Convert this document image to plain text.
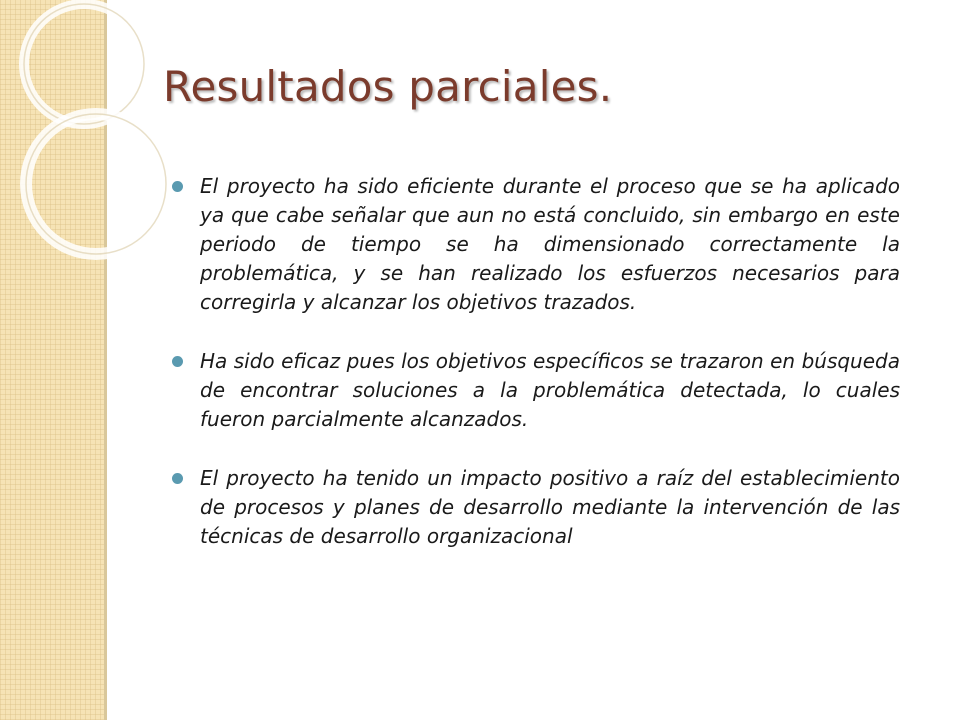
Resultados parciales.
El proyecto ha sido eficiente durante el proceso que se ha aplicado ya que cabe señalar que aun no está concluido, sin embargo en este periodo de tiempo se ha dimensionado correctamente la problemática, y se han realizado los esfuerzos necesarios para corregirla y alcanzar los objetivos trazados.
Ha sido eficaz pues los objetivos específicos se trazaron en búsqueda de encontrar soluciones a la problemática detectada, lo cuales fueron parcialmente alcanzados.
El proyecto ha tenido un impacto positivo a raíz del establecimiento de procesos y planes de desarrollo mediante la intervención de las técnicas de desarrollo organizacional
